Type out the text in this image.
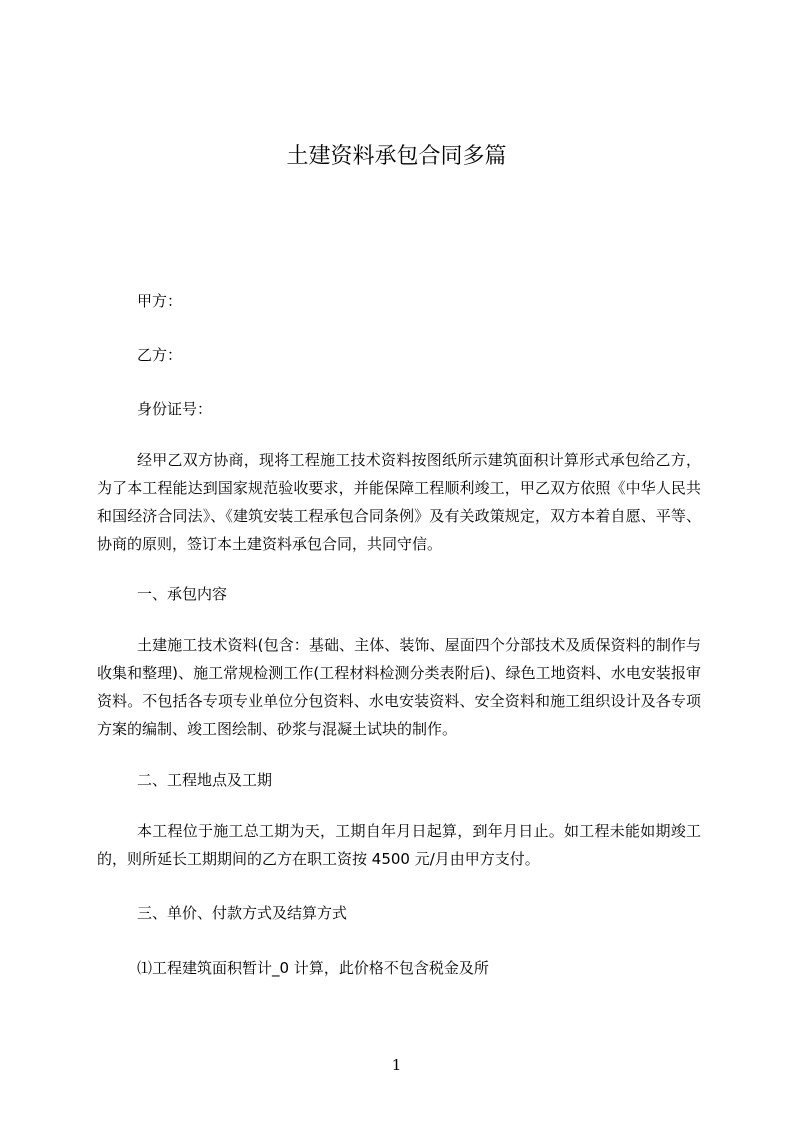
土建资料承包合同多篇

甲方：

乙方：

身份证号：

经甲乙双方协商，现将工程施工技术资料按图纸所示建筑面积计算形式承包给乙方，为了本工程能达到国家规范验收要求，并能保障工程顺利竣工，甲乙双方依照《中华人民共和国经济合同法》、《建筑安装工程承包合同条例》及有关政策规定，双方本着自愿、平等、协商的原则，签订本土建资料承包合同，共同守信。

一、承包内容

土建施工技术资料(包含：基础、主体、装饰、屋面四个分部技术及质保资料的制作与收集和整理)、施工常规检测工作(工程材料检测分类表附后)、绿色工地资料、水电安装报审资料。不包括各专项专业单位分包资料、水电安装资料、安全资料和施工组织设计及各专项方案的编制、竣工图绘制、砂浆与混凝土试块的制作。

二、工程地点及工期

本工程位于施工总工期为天，工期自年月日起算，到年月日止。如工程未能如期竣工的，则所延长工期期间的乙方在职工资按 4500 元/月由甲方支付。

三、单价、付款方式及结算方式

⑴工程建筑面积暂计_0 计算，此价格不包含税金及所

1
